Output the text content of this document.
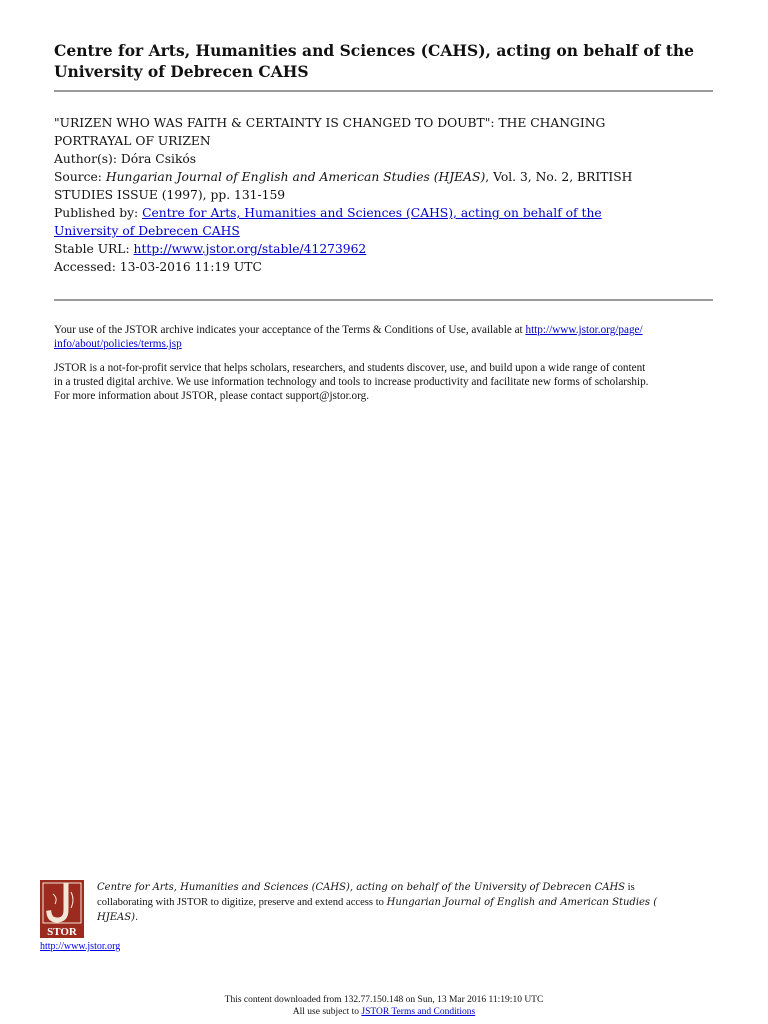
Centre for Arts, Humanities and Sciences (CAHS), acting on behalf of the University of Debrecen CAHS
"URIZEN WHO WAS FAITH & CERTAINTY IS CHANGED TO DOUBT": THE CHANGING
PORTRAYAL OF URIZEN
Author(s): Dóra Csikós
Source: Hungarian Journal of English and American Studies (HJEAS), Vol. 3, No. 2, BRITISH
STUDIES ISSUE (1997), pp. 131-159
Published by: Centre for Arts, Humanities and Sciences (CAHS), acting on behalf of the
University of Debrecen CAHS
Stable URL: http://www.jstor.org/stable/41273962
Accessed: 13-03-2016 11:19 UTC

Your use of the JSTOR archive indicates your acceptance of the Terms & Conditions of Use, available at http://www.jstor.org/page/
info/about/policies/terms.jsp

JSTOR is a not-for-profit service that helps scholars, researchers, and students discover, use, and build upon a wide range of content
in a trusted digital archive. We use information technology and tools to increase productivity and facilitate new forms of scholarship.
For more information about JSTOR, please contact support@jstor.org.

STOR
http://www.jstor.org
Centre for Arts, Humanities and Sciences (CAHS), acting on behalf of the University of Debrecen CAHS is
collaborating with JSTOR to digitize, preserve and extend access to Hungarian Journal of English and American Studies (
HJEAS).
This content downloaded from 132.77.150.148 on Sun, 13 Mar 2016 11:19:10 UTC
All use subject to JSTOR Terms and Conditions
